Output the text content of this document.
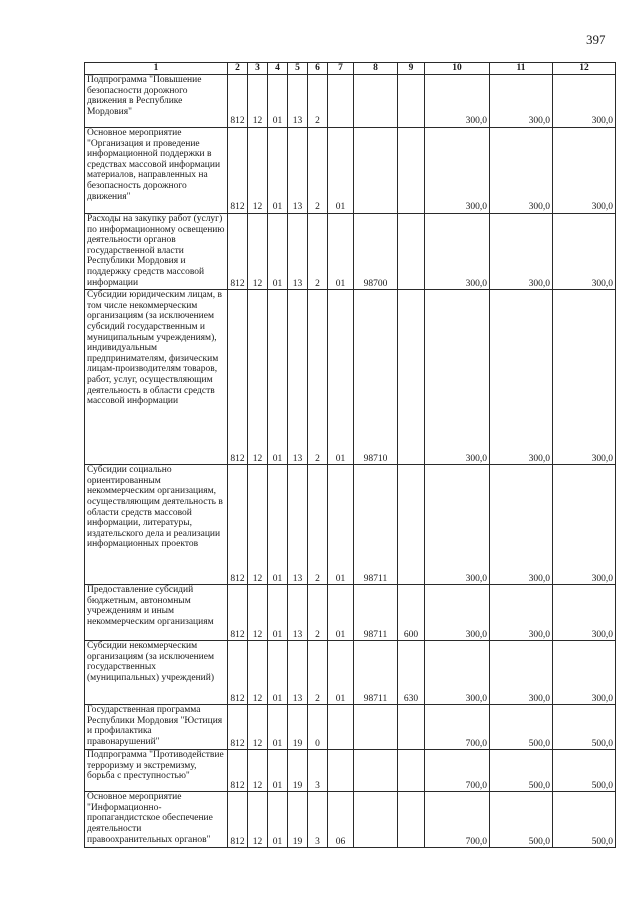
397
1	2	3	4	5	6	7	8	9	10	11	12
Подпрограмма "Повышение безопасности дорожного движения в Республике Мордовия"	812	12	01	13	2				300,0	300,0	300,0
Основное мероприятие "Организация и проведение информационной поддержки в средствах массовой информации материалов, направленных на безопасность дорожного движения"	812	12	01	13	2	01			300,0	300,0	300,0
Расходы на закупку работ (услуг) по информационному освещению деятельности органов государственной власти Республики Мордовия и поддержку средств массовой информации	812	12	01	13	2	01	98700		300,0	300,0	300,0
Субсидии юридическим лицам, в том числе некоммерческим организациям (за исключением субсидий государственным и муниципальным учреждениям), индивидуальным предпринимателям, физическим лицам-производителям товаров, работ, услуг, осуществляющим деятельность в области средств массовой информации	812	12	01	13	2	01	98710		300,0	300,0	300,0
Субсидии социально ориентированным некоммерческим организациям, осуществляющим деятельность в области средств массовой информации, литературы, издательского дела и реализации информационных проектов	812	12	01	13	2	01	98711		300,0	300,0	300,0
Предоставление субсидий бюджетным, автономным учреждениям и иным некоммерческим организациям	812	12	01	13	2	01	98711	600	300,0	300,0	300,0
Субсидии некоммерческим организациям (за исключением государственных (муниципальных) учреждений)	812	12	01	13	2	01	98711	630	300,0	300,0	300,0
Государственная программа Республики Мордовия "Юстиция и профилактика правонарушений"	812	12	01	19	0				700,0	500,0	500,0
Подпрограмма "Противодействие терроризму и экстремизму, борьба с преступностью"	812	12	01	19	3				700,0	500,0	500,0
Основное мероприятие "Информационно-пропагандистское обеспечение деятельности правоохранительных органов"	812	12	01	19	3	06			700,0	500,0	500,0
